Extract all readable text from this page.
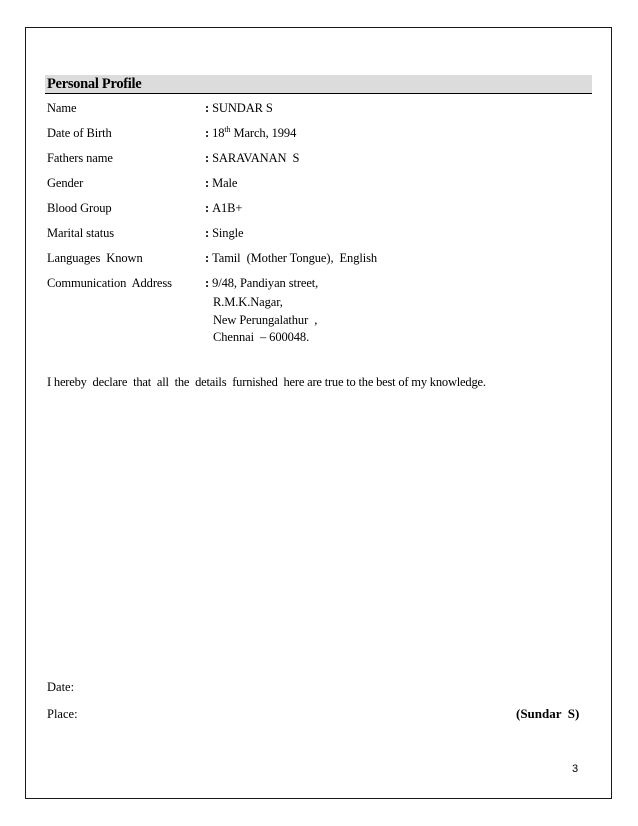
Personal Profile
Name	: SUNDAR S
Date of Birth	: 18th March, 1994
Fathers name	: SARAVANAN  S
Gender	: Male
Blood Group	: A1B+
Marital status	: Single
Languages  Known	: Tamil  (Mother Tongue),  English
Communication  Address	: 9/48, Pandiyan street,
R.M.K.Nagar,
New Perungalathur  ,
Chennai  – 600048.
I hereby  declare  that  all  the  details  furnished  here are true to the best of my knowledge.
Date:
Place:	(Sundar  S)
3
